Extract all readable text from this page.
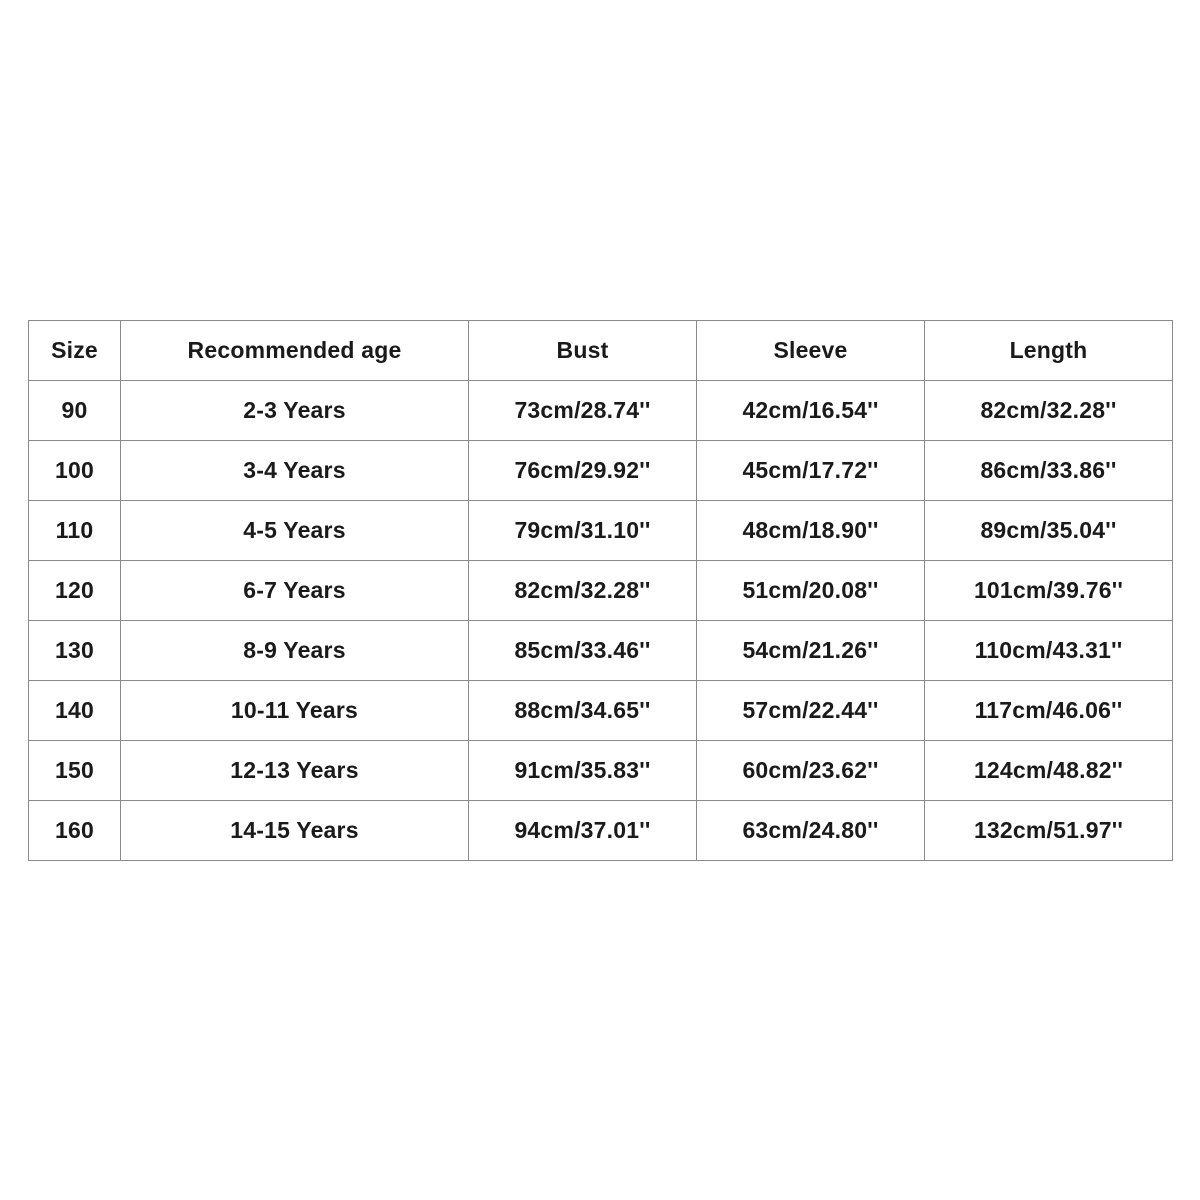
Size	Recommended age	Bust	Sleeve	Length
90	2-3 Years	73cm/28.74''	42cm/16.54''	82cm/32.28''
100	3-4 Years	76cm/29.92''	45cm/17.72''	86cm/33.86''
110	4-5 Years	79cm/31.10''	48cm/18.90''	89cm/35.04''
120	6-7 Years	82cm/32.28''	51cm/20.08''	101cm/39.76''
130	8-9 Years	85cm/33.46''	54cm/21.26''	110cm/43.31''
140	10-11 Years	88cm/34.65''	57cm/22.44''	117cm/46.06''
150	12-13 Years	91cm/35.83''	60cm/23.62''	124cm/48.82''
160	14-15 Years	94cm/37.01''	63cm/24.80''	132cm/51.97''
